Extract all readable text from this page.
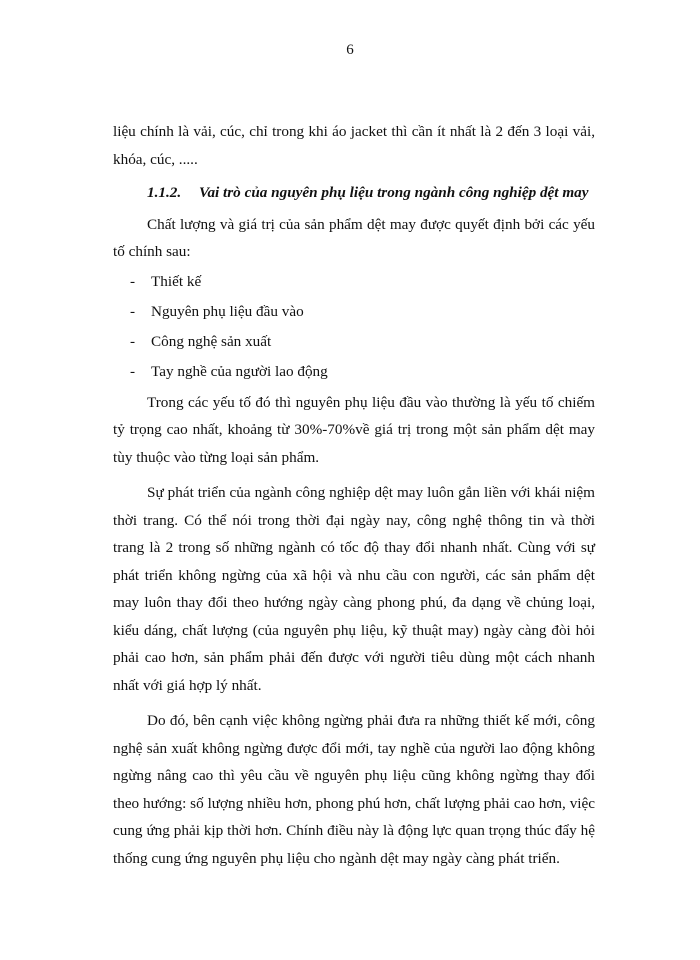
6

liệu chính là vải, cúc, chỉ trong khi áo jacket thì cần ít nhất là 2 đến 3 loại vải, khóa, cúc, .....

1.1.2. Vai trò của nguyên phụ liệu trong ngành công nghiệp dệt may

Chất lượng và giá trị của sản phẩm dệt may được quyết định bởi các yếu tố chính sau:

- Thiết kế
- Nguyên phụ liệu đầu vào
- Công nghệ sản xuất
- Tay nghề của người lao động

Trong các yếu tố đó thì nguyên phụ liệu đầu vào thường là yếu tố chiếm tỷ trọng cao nhất, khoảng từ 30%-70%về giá trị trong một sản phẩm dệt may tùy thuộc vào từng loại sản phẩm.

Sự phát triển của ngành công nghiệp dệt may luôn gắn liền với khái niệm thời trang. Có thể nói trong thời đại ngày nay, công nghệ thông tin và thời trang là 2 trong số những ngành có tốc độ thay đổi nhanh nhất. Cùng với sự phát triển không ngừng của xã hội và nhu cầu con người, các sản phẩm dệt may luôn thay đổi theo hướng ngày càng phong phú, đa dạng về chủng loại, kiểu dáng, chất lượng (của nguyên phụ liệu, kỹ thuật may) ngày càng đòi hỏi phải cao hơn, sản phẩm phải đến được với người tiêu dùng một cách nhanh nhất với giá hợp lý nhất.

Do đó, bên cạnh việc không ngừng phải đưa ra những thiết kế mới, công nghệ sản xuất không ngừng được đổi mới, tay nghề của người lao động không ngừng nâng cao thì yêu cầu về nguyên phụ liệu cũng không ngừng thay đổi theo hướng: số lượng nhiều hơn, phong phú hơn, chất lượng phải cao hơn, việc cung ứng phải kịp thời hơn. Chính điều này là động lực quan trọng thúc đẩy hệ thống cung ứng nguyên phụ liệu cho ngành dệt may ngày càng phát triển.
